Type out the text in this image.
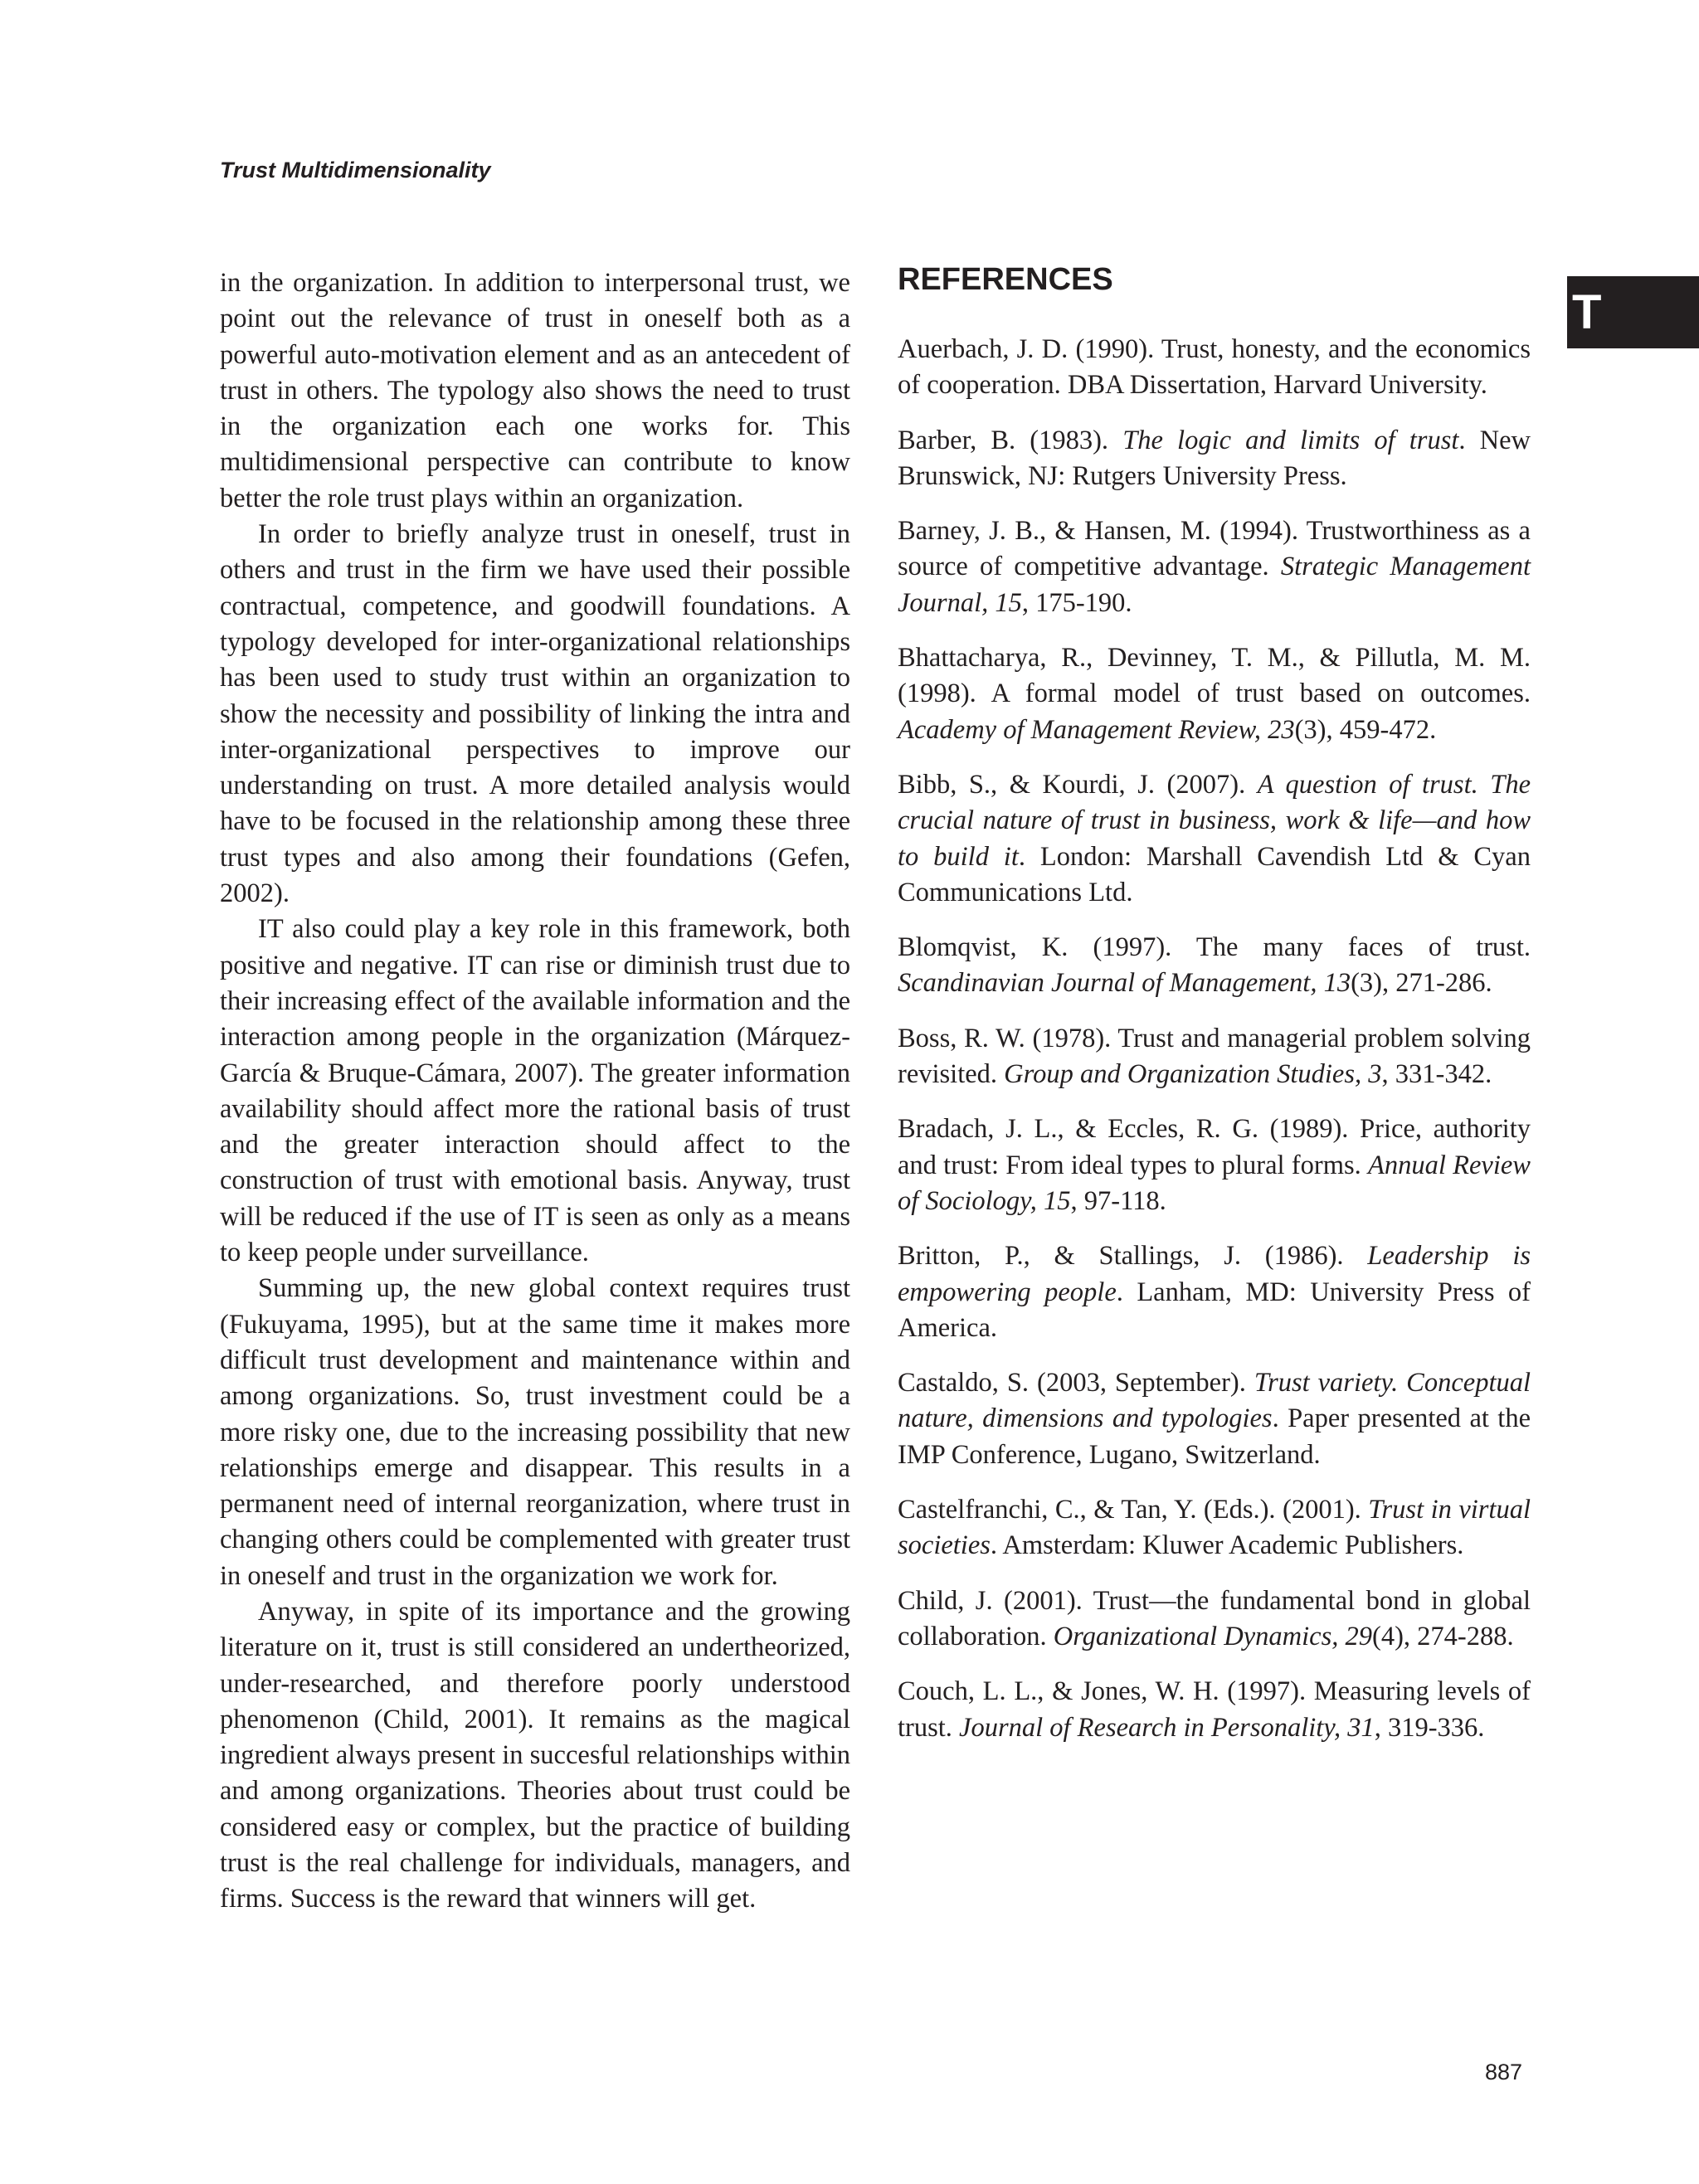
Trust Multidimensionality

in the organization. In addition to interpersonal trust, we point out the relevance of trust in oneself both as a powerful auto-motivation element and as an antecedent of trust in others. The typology also shows the need to trust in the organization each one works for. This multidimensional perspective can contribute to know better the role trust plays within an organization.

In order to briefly analyze trust in oneself, trust in others and trust in the firm we have used their possible contractual, competence, and goodwill foundations. A typology developed for inter-organizational relationships has been used to study trust within an organization to show the necessity and possibility of linking the intra and inter-organizational perspectives to improve our understanding on trust. A more detailed analysis would have to be focused in the relationship among these three trust types and also among their foundations (Gefen, 2002).

IT also could play a key role in this framework, both positive and negative. IT can rise or diminish trust due to their increasing effect of the available information and the interaction among people in the organization (Márquez-García & Bruque-Cámara, 2007). The greater information availability should affect more the rational basis of trust and the greater interaction should affect to the construction of trust with emotional basis. Anyway, trust will be reduced if the use of IT is seen as only as a means to keep people under surveillance.

Summing up, the new global context requires trust (Fukuyama, 1995), but at the same time it makes more difficult trust development and maintenance within and among organizations. So, trust investment could be a more risky one, due to the increasing possibility that new relationships emerge and disappear. This results in a permanent need of internal reorganization, where trust in changing others could be complemented with greater trust in oneself and trust in the organization we work for.

Anyway, in spite of its importance and the growing literature on it, trust is still considered an undertheorized, under-researched, and therefore poorly understood phenomenon (Child, 2001). It remains as the magical ingredient always present in succesful relationships within and among organizations. Theories about trust could be considered easy or complex, but the practice of building trust is the real challenge for individuals, managers, and firms. Success is the reward that winners will get.

REFERENCES

Auerbach, J. D. (1990). Trust, honesty, and the economics of cooperation. DBA Dissertation, Harvard University.

Barber, B. (1983). The logic and limits of trust. New Brunswick, NJ: Rutgers University Press.

Barney, J. B., & Hansen, M. (1994). Trustworthiness as a source of competitive advantage. Strategic Management Journal, 15, 175-190.

Bhattacharya, R., Devinney, T. M., & Pillutla, M. M. (1998). A formal model of trust based on outcomes. Academy of Management Review, 23(3), 459-472.

Bibb, S., & Kourdi, J. (2007). A question of trust. The crucial nature of trust in business, work & life—and how to build it. London: Marshall Cavendish Ltd & Cyan Communications Ltd.

Blomqvist, K. (1997). The many faces of trust. Scandinavian Journal of Management, 13(3), 271-286.

Boss, R. W. (1978). Trust and managerial problem solving revisited. Group and Organization Studies, 3, 331-342.

Bradach, J. L., & Eccles, R. G. (1989). Price, authority and trust: From ideal types to plural forms. Annual Review of Sociology, 15, 97-118.

Britton, P., & Stallings, J. (1986). Leadership is empowering people. Lanham, MD: University Press of America.

Castaldo, S. (2003, September). Trust variety. Conceptual nature, dimensions and typologies. Paper presented at the IMP Conference, Lugano, Switzerland.

Castelfranchi, C., & Tan, Y. (Eds.). (2001). Trust in virtual societies. Amsterdam: Kluwer Academic Publishers.

Child, J. (2001). Trust—the fundamental bond in global collaboration. Organizational Dynamics, 29(4), 274-288.

Couch, L. L., & Jones, W. H. (1997). Measuring levels of trust. Journal of Research in Personality, 31, 319-336.

T
887
